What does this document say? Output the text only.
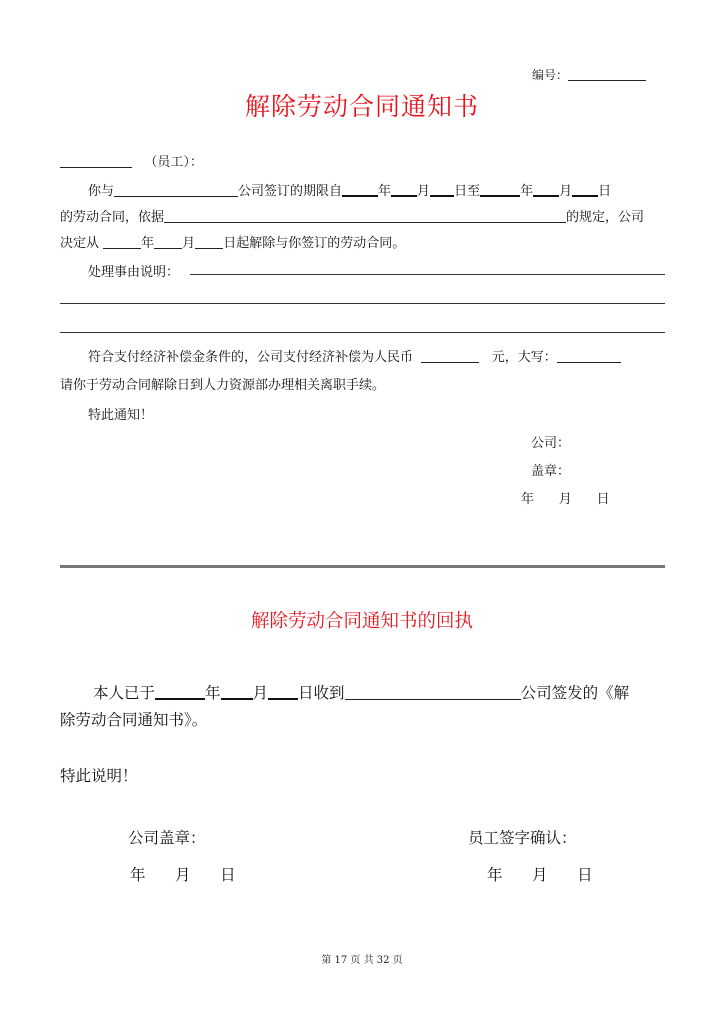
编号：
解除劳动合同通知书
（员工）：
你与	公司签订的期限自	年 月 日至	年 月 日
的劳动合同，依据	的规定，公司
决定从	年 月 日起解除与你签订的劳动合同。
处理事由说明：
符合支付经济补偿金条件的，公司支付经济补偿为人民币	元，大写：
请你于劳动合同解除日到人力资源部办理相关离职手续。
特此通知！
公司：
盖章：
年      月      日
解除劳动合同通知书的回执
本人已于	年 月 日收到	公司签发的《解
除劳动合同通知书》。
特此说明！
公司盖章：	员工签字确认：
年      月      日	年      月      日
第 17 页 共 32 页
